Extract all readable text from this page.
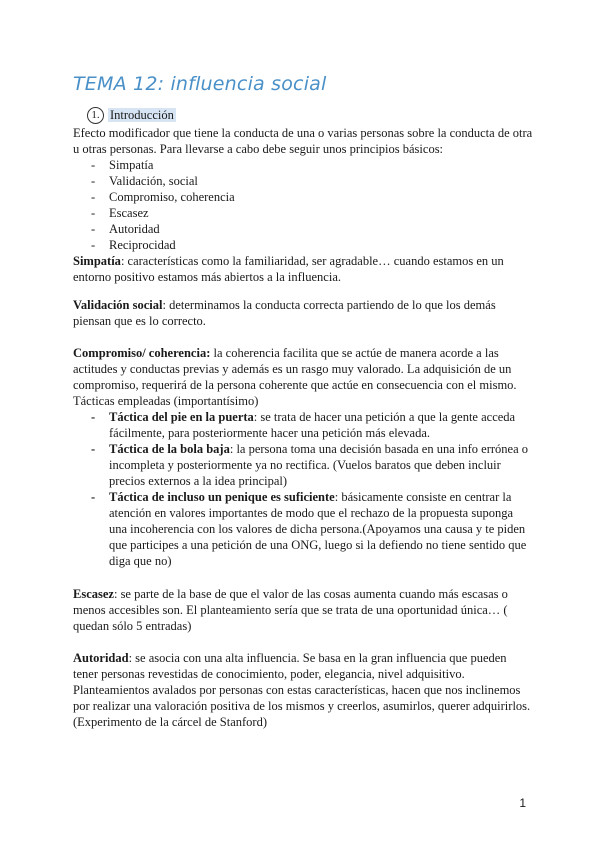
TEMA 12: influencia social
1. Introducción
Efecto modificador que tiene la conducta de una o varias personas sobre la conducta de otra u otras personas. Para llevarse a cabo debe seguir unos principios básicos:
- Simpatía
- Validación, social
- Compromiso, coherencia
- Escasez
- Autoridad
- Reciprocidad
Simpatía: características como la familiaridad, ser agradable… cuando estamos en un entorno positivo estamos más abiertos a la influencia.
Validación social: determinamos la conducta correcta partiendo de lo que los demás piensan que es lo correcto.
Compromiso/ coherencia: la coherencia facilita que se actúe de manera acorde a las actitudes y conductas previas y además es un rasgo muy valorado. La adquisición de un compromiso, requerirá de la persona coherente que actúe en consecuencia con el mismo. Tácticas empleadas (importantísimo)
- Táctica del pie en la puerta: se trata de hacer una petición a que la gente acceda fácilmente, para posteriormente hacer una petición más elevada.
- Táctica de la bola baja: la persona toma una decisión basada en una info errónea o incompleta y posteriormente ya no rectifica. (Vuelos baratos que deben incluir precios externos a la idea principal)
- Táctica de incluso un penique es suficiente: básicamente consiste en centrar la atención en valores importantes de modo que el rechazo de la propuesta suponga una incoherencia con los valores de dicha persona.(Apoyamos una causa y te piden que participes a una petición de una ONG, luego si la defiendo no tiene sentido que diga que no)
Escasez: se parte de la base de que el valor de las cosas aumenta cuando más escasas o menos accesibles son. El planteamiento sería que se trata de una oportunidad única… ( quedan sólo 5 entradas)
Autoridad: se asocia con una alta influencia. Se basa en la gran influencia que pueden tener personas revestidas de conocimiento, poder, elegancia, nivel adquisitivo. Planteamientos avalados por personas con estas características, hacen que nos inclinemos por realizar una valoración positiva de los mismos y creerlos, asumirlos, querer adquirirlos. (Experimento de la cárcel de Stanford)
1
